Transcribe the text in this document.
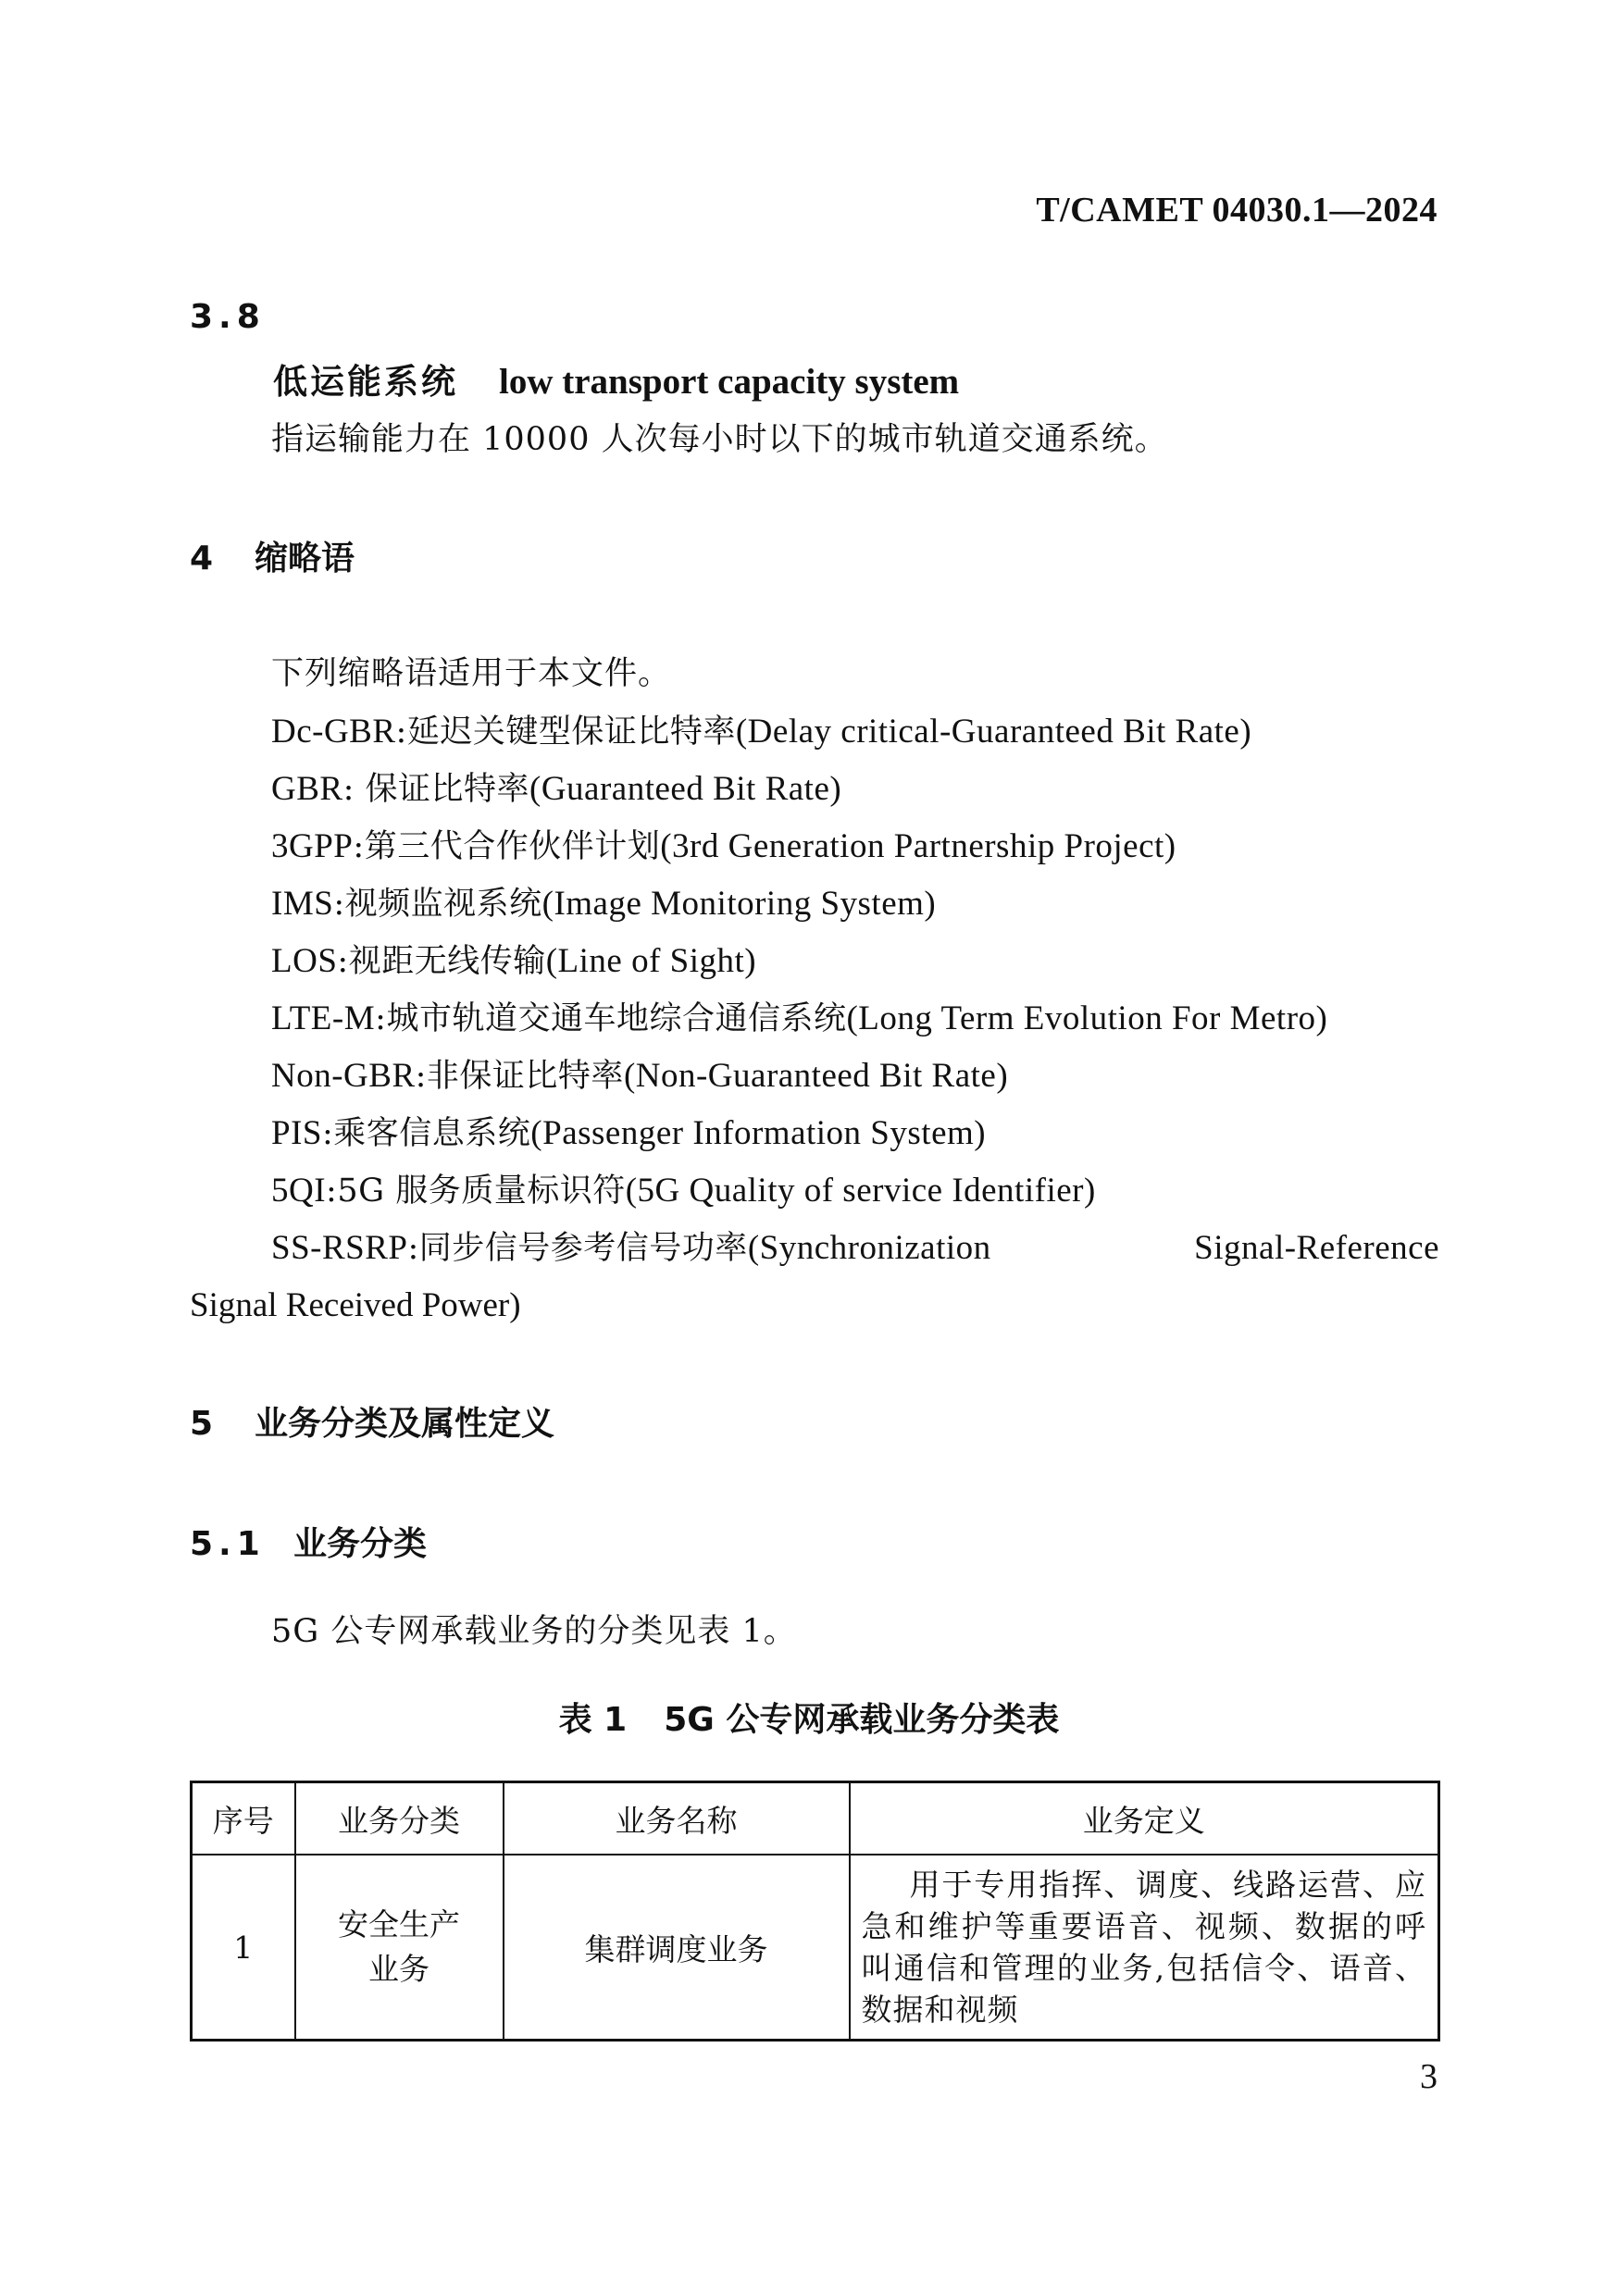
T/CAMET 04030.1—2024
3.8
低运能系统 low transport capacity system
指运输能力在 10000 人次每小时以下的城市轨道交通系统。
4 缩略语
下列缩略语适用于本文件。
Dc-GBR:延迟关键型保证比特率(Delay critical-Guaranteed Bit Rate)
GBR: 保证比特率(Guaranteed Bit Rate)
3GPP:第三代合作伙伴计划(3rd Generation Partnership Project)
IMS:视频监视系统(Image Monitoring System)
LOS:视距无线传输(Line of Sight)
LTE-M:城市轨道交通车地综合通信系统(Long Term Evolution For Metro)
Non-GBR:非保证比特率(Non-Guaranteed Bit Rate)
PIS:乘客信息系统(Passenger Information System)
5QI:5G 服务质量标识符(5G Quality of service Identifier)
SS-RSRP:同步信号参考信号功率(Synchronization	Signal-Reference
Signal Received Power)
5 业务分类及属性定义
5.1 业务分类
5G 公专网承载业务的分类见表 1。
表 1 5G 公专网承载业务分类表
序号	业务分类	业务名称	业务定义
1	安全生产业务	集群调度业务	用于专用指挥、调度、线路运营、应急和维护等重要语音、视频、数据的呼叫通信和管理的业务,包括信令、语音、数据和视频
3
